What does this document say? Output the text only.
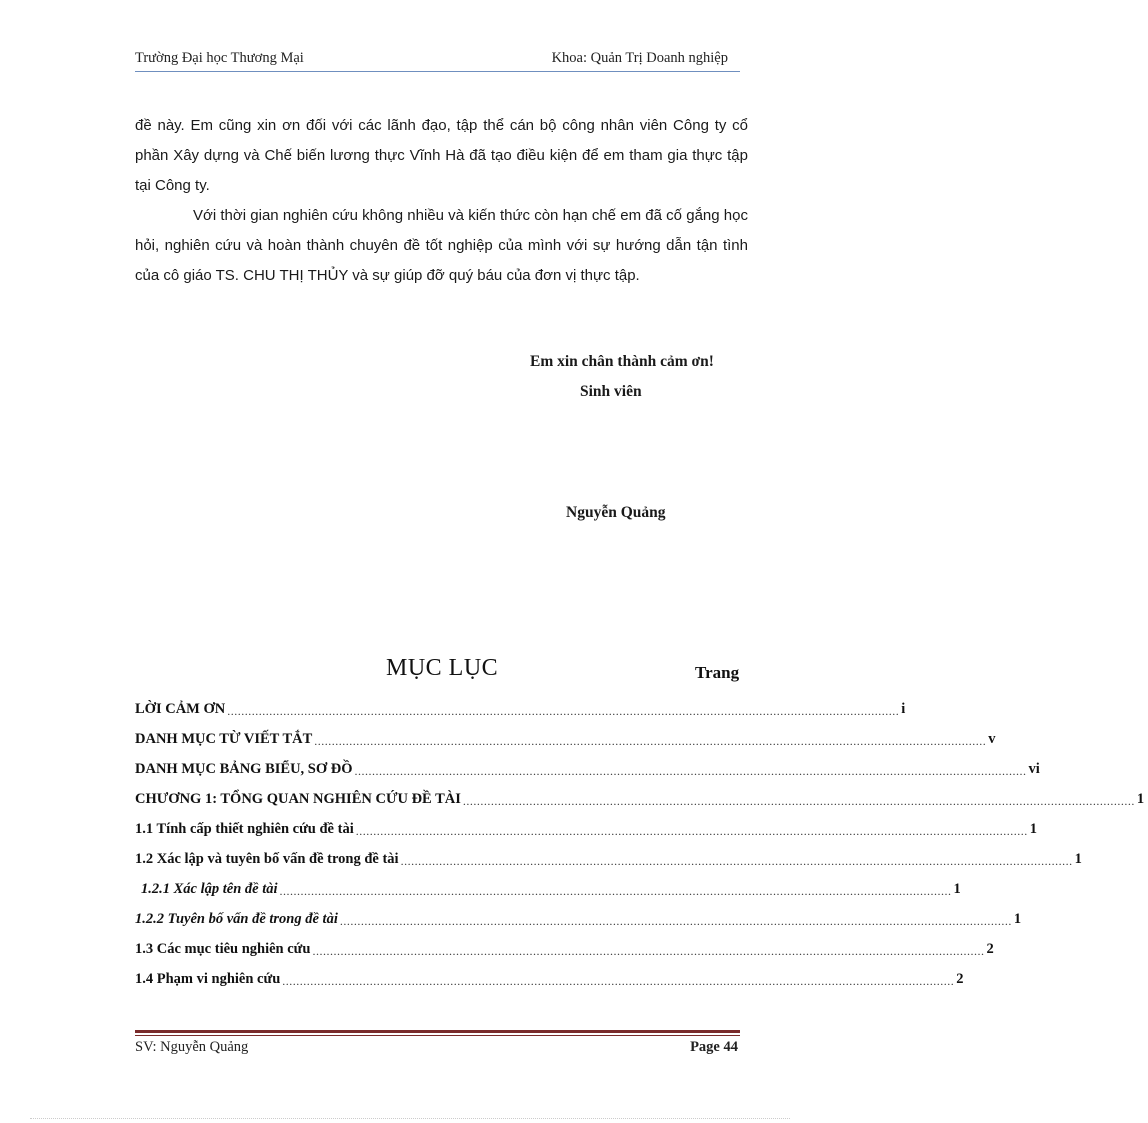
Trường Đại học Thương Mại	Khoa: Quản Trị Doanh nghiệp

đề này. Em cũng xin ơn đối với các lãnh đạo, tập thể cán bộ công nhân viên Công ty cổ phần Xây dựng và Chế biến lương thực Vĩnh Hà đã tạo điều kiện để em tham gia thực tập tại Công ty.

Với thời gian nghiên cứu không nhiều và kiến thức còn hạn chế em đã cố gắng học hỏi, nghiên cứu và hoàn thành chuyên đề tốt nghiệp của mình với sự hướng dẫn tận tình của cô giáo TS. CHU THỊ THỦY và sự giúp đỡ quý báu của đơn vị thực tập.

Em xin chân thành cảm ơn!
Sinh viên
Nguyễn Quảng
MỤC LỤC	Trang
LỜI CẢM ƠN ................................................................................................................................................................................................ i
DANH MỤC TỪ VIẾT TẮT ................................................................................................................................................................................................ v
DANH MỤC BẢNG BIỂU, SƠ ĐỒ ................................................................................................................................................................................................ vi
CHƯƠNG 1: TỔNG QUAN NGHIÊN CỨU ĐỀ TÀI ................................................................................................................................................................................................ 1
1.1 Tính cấp thiết nghiên cứu đề tài ................................................................................................................................................................................................ 1
1.2 Xác lập và tuyên bố vấn đề trong đề tài ................................................................................................................................................................................................ 1
1.2.1 Xác lập tên đề tài ................................................................................................................................................................................................ 1
1.2.2 Tuyên bố vấn đề trong đề tài ................................................................................................................................................................................................ 1
1.3 Các mục tiêu nghiên cứu ................................................................................................................................................................................................ 2
1.4 Phạm vi nghiên cứu ................................................................................................................................................................................................ 2
SV: Nguyễn Quảng	Page 44
